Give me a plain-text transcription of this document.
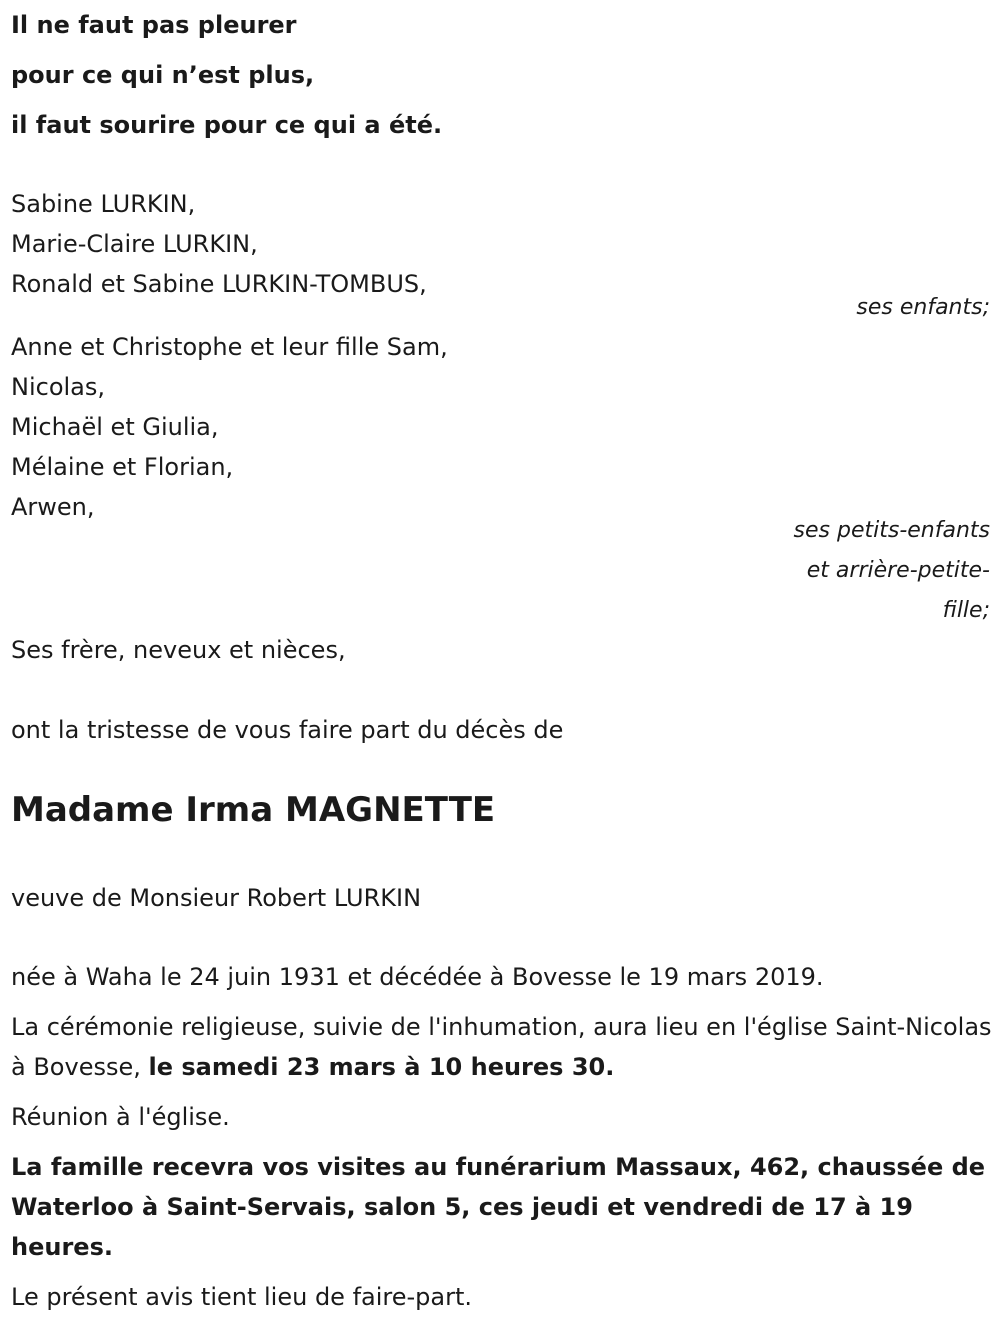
Il ne faut pas pleurer

pour ce qui n’est plus,

il faut sourire pour ce qui a été.

Sabine LURKIN,

Marie-Claire LURKIN,

Ronald et Sabine LURKIN-TOMBUS,

ses enfants;

Anne et Christophe et leur fille Sam,

Nicolas,

Michaël et Giulia,

Mélaine et Florian,

Arwen,

ses petits-enfants
et arrière-petite-
fille;

Ses frère, neveux et nièces,

ont la tristesse de vous faire part du décès de

Madame Irma MAGNETTE

veuve de Monsieur Robert LURKIN

née à Waha le 24 juin 1931 et décédée à Bovesse le 19 mars 2019.

La cérémonie religieuse, suivie de l'inhumation, aura lieu en l'église Saint-Nicolas à Bovesse, le samedi 23 mars à 10 heures 30.

Réunion à l'église.

La famille recevra vos visites au funérarium Massaux, 462, chaussée de Waterloo à Saint-Servais, salon 5, ces jeudi et vendredi de 17 à 19 heures.

Le présent avis tient lieu de faire-part.
